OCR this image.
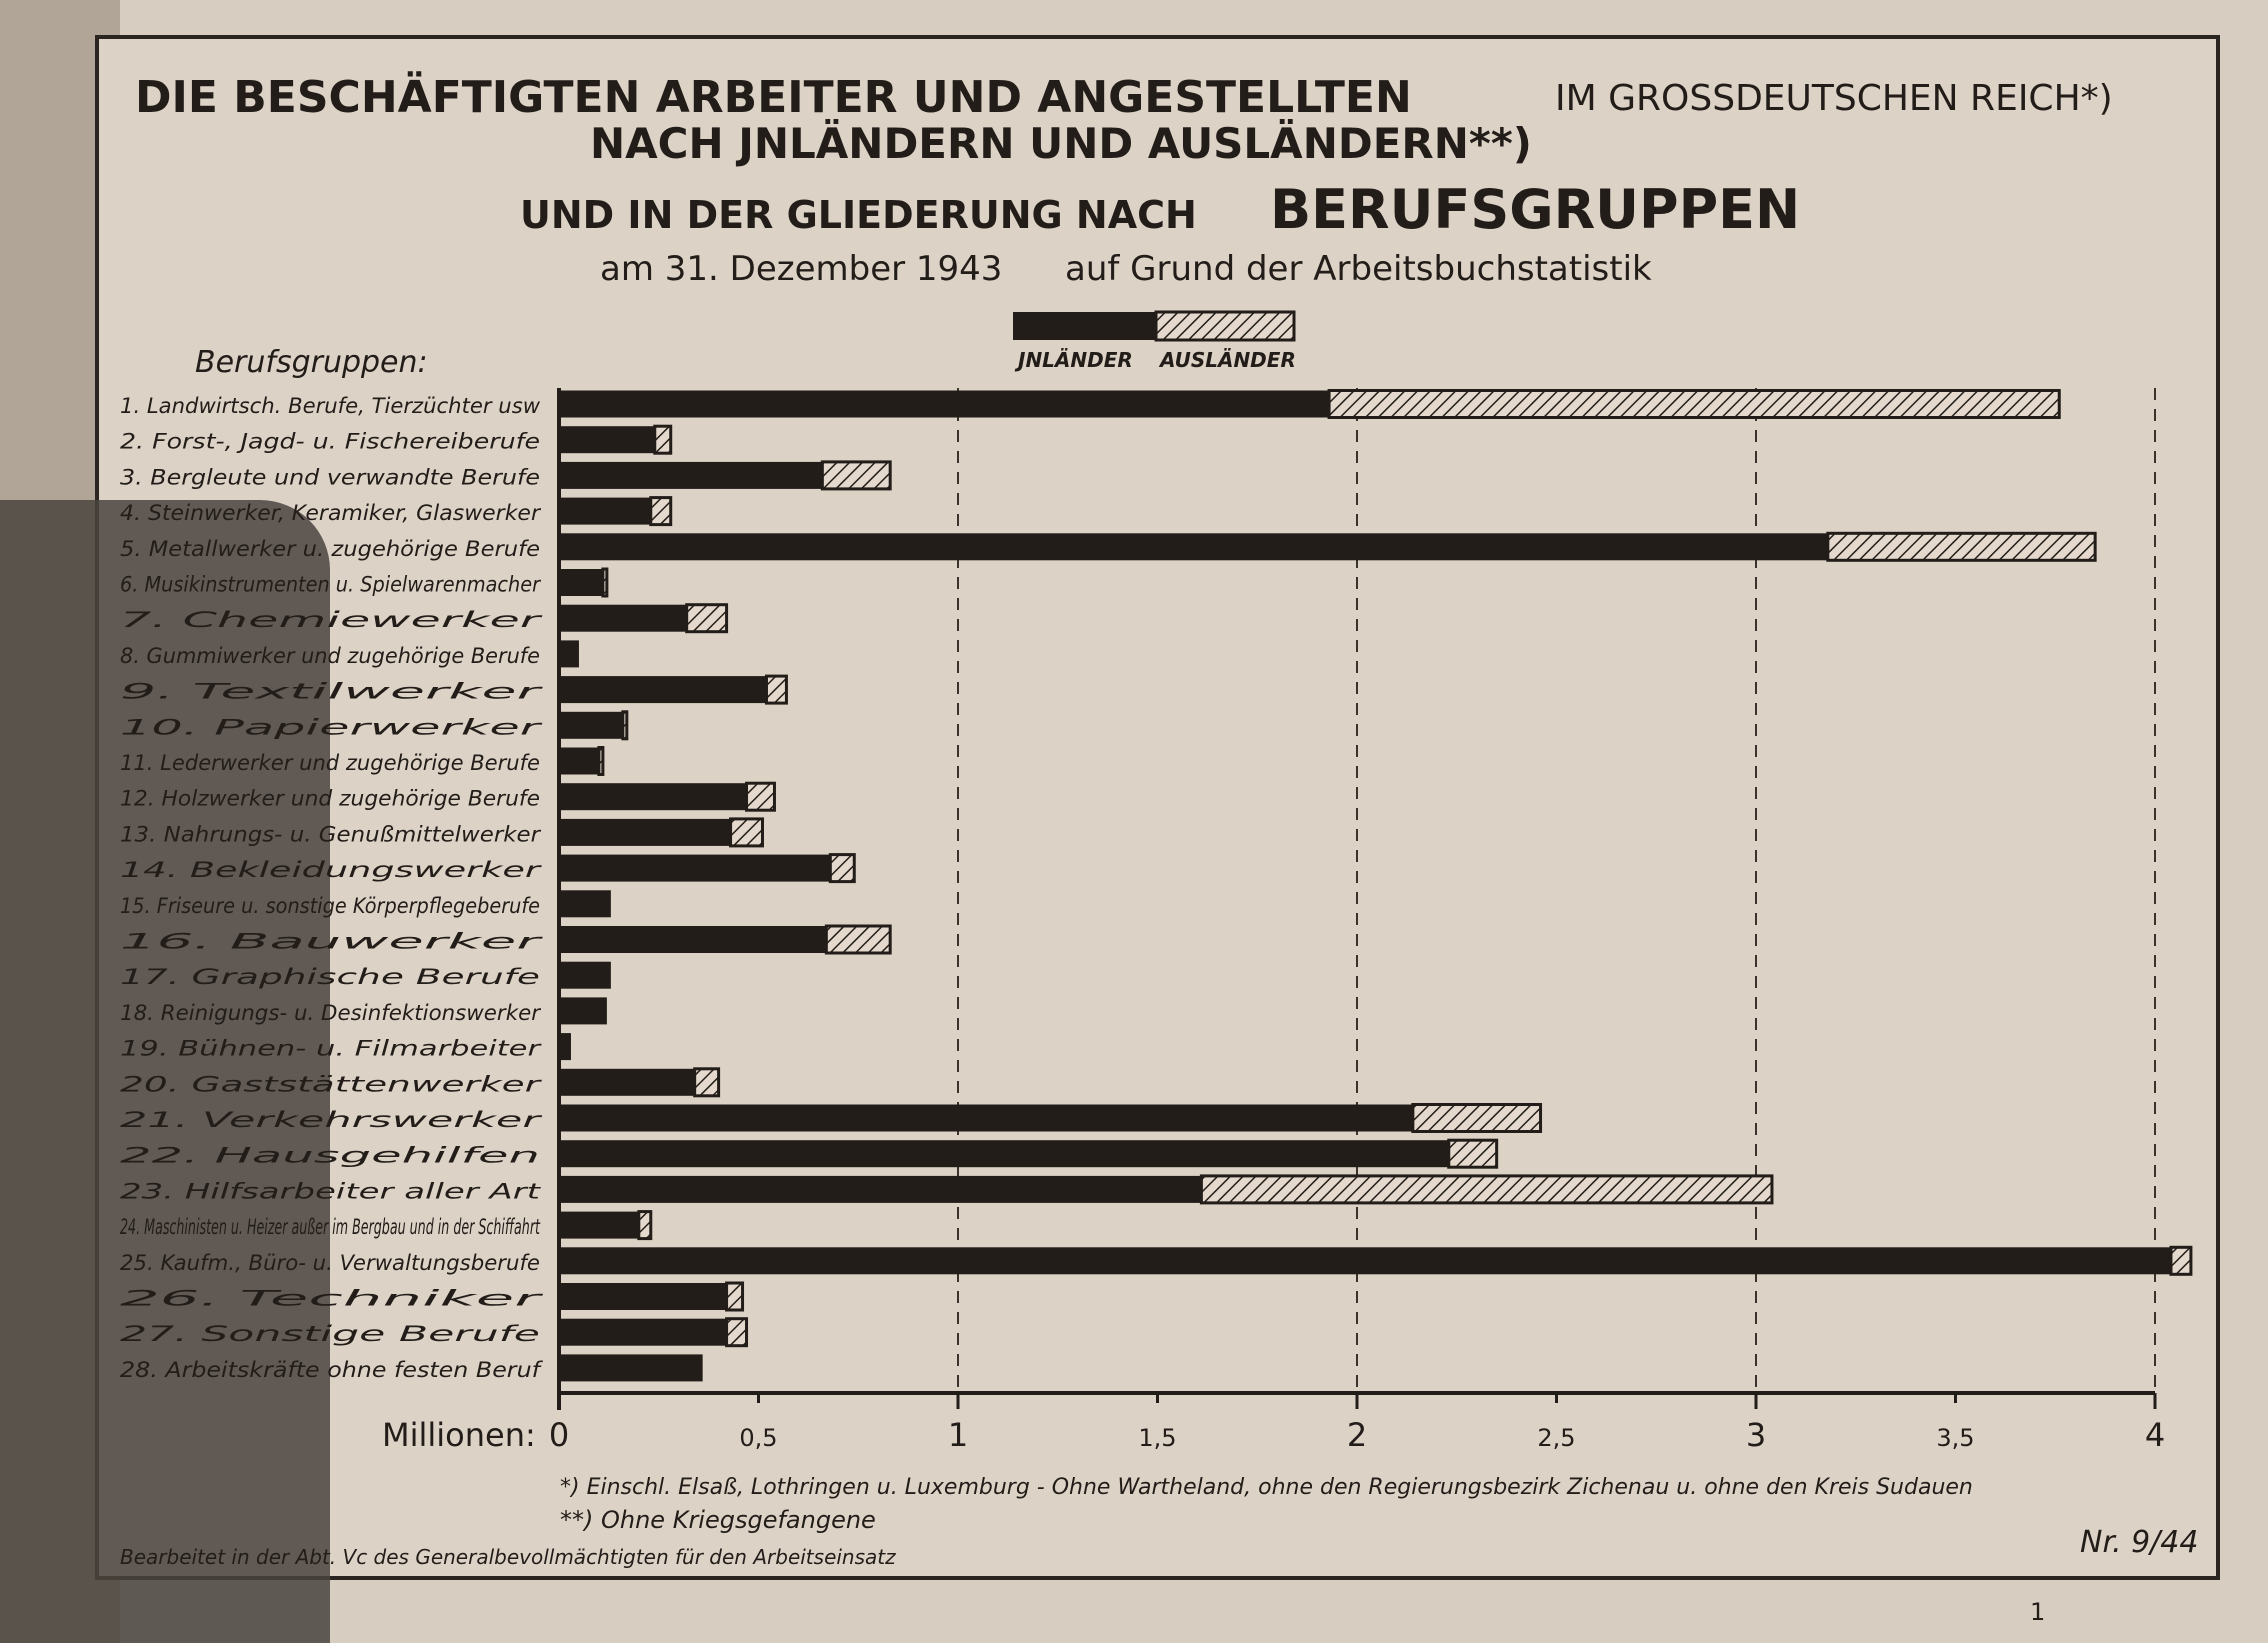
DIE BESCHÄFTIGTEN ARBEITER UND ANGESTELLTEN	IM GROSSDEUTSCHEN REICH*)
NACH JNLÄNDERN UND AUSLÄNDERN**)
UND IN DER GLIEDERUNG NACH BERUFSGRUPPEN
am 31. Dezember 1943 auf Grund der Arbeitsbuchstatistik
JNLÄNDER AUSLÄNDER
Berufsgruppen:
1. Landwirtsch. Berufe, Tierzüchter usw
2. Forst-, Jagd- u. Fischereiberufe
3. Bergleute und verwandte Berufe
4. Steinwerker, Keramiker, Glaswerker
5. Metallwerker u. zugehörige Berufe
6. Musikinstrumenten u. Spielwarenmacher
7. Chemiewerker
8. Gummiwerker und zugehörige Berufe
9. Textilwerker
10. Papierwerker
11. Lederwerker und zugehörige Berufe
12. Holzwerker und zugehörige Berufe
13. Nahrungs- u. Genußmittelwerker
14. Bekleidungswerker
15. Friseure u. sonstige Körperpflegeberufe
16. Bauwerker
17. Graphische Berufe
18. Reinigungs- u. Desinfektionswerker
19. Bühnen- u. Filmarbeiter
20. Gaststättenwerker
21. Verkehrswerker
22. Hausgehilfen
23. Hilfsarbeiter aller Art
24. Maschinisten u. Heizer außer im Bergbau und in der Schiffahrt
25. Kaufm., Büro- u. Verwaltungsberufe
26. Techniker
27. Sonstige Berufe
28. Arbeitskräfte ohne festen Beruf
0	0,5	1	1,5	2	2,5	3	3,5	4
Millionen:
*) Einschl. Elsaß, Lothringen u. Luxemburg - Ohne Wartheland, ohne den Regierungsbezirk Zichenau u. ohne den Kreis Sudauen
**) Ohne Kriegsgefangene
Bearbeitet in der Abt. Vc des Generalbevollmächtigten für den Arbeitseinsatz	Nr. 9/44
1
